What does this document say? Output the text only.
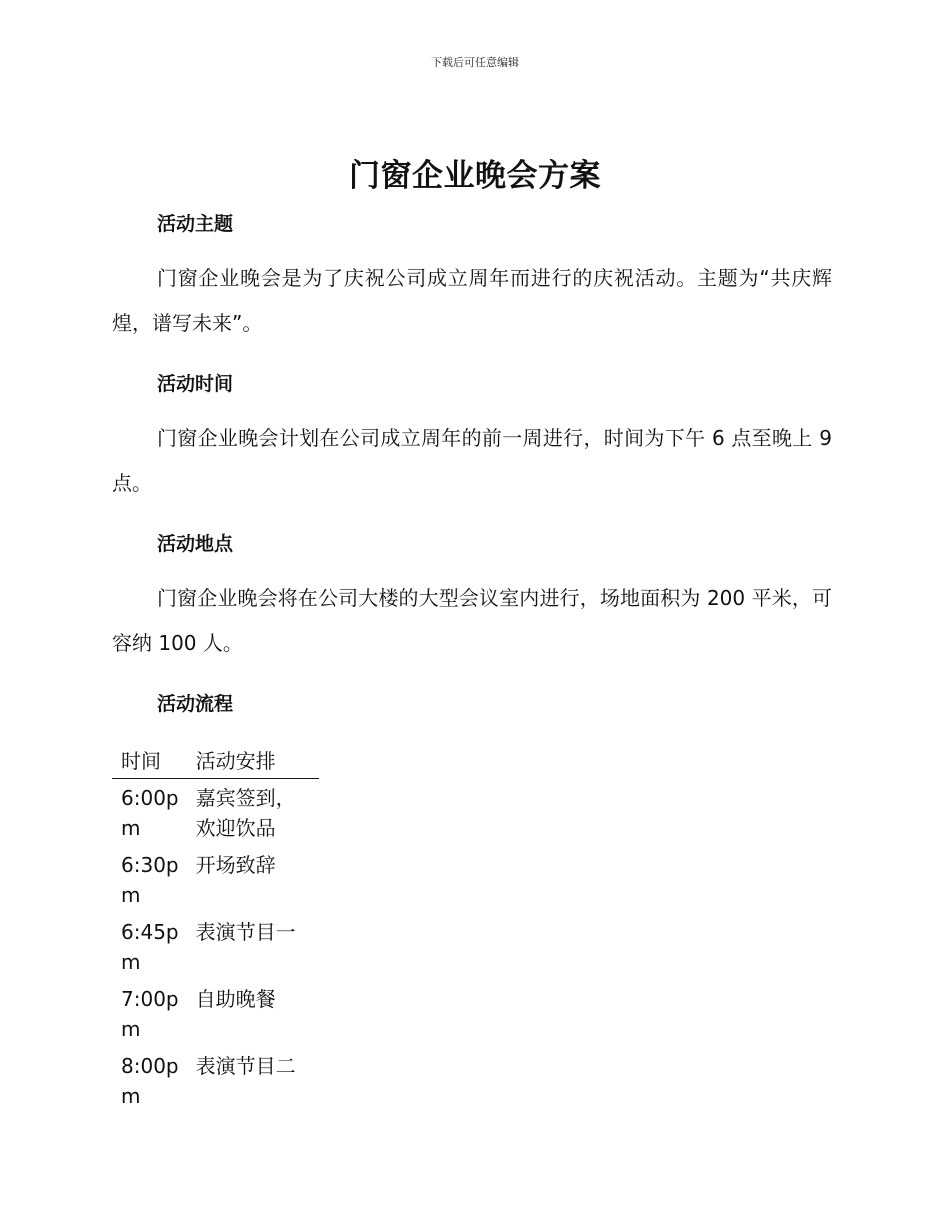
下载后可任意编辑
门窗企业晚会方案
活动主题

门窗企业晚会是为了庆祝公司成立周年而进行的庆祝活动。主题为“共庆辉煌，谱写未来”。

活动时间

门窗企业晚会计划在公司成立周年的前一周进行，时间为下午 6 点至晚上 9 点。

活动地点

门窗企业晚会将在公司大楼的大型会议室内进行，场地面积为 200 平米，可容纳 100 人。

活动流程
时间	活动安排
6:00pm	嘉宾签到，欢迎饮品
6:30pm	开场致辞
6:45pm	表演节目一
7:00pm	自助晚餐
8:00pm	表演节目二
